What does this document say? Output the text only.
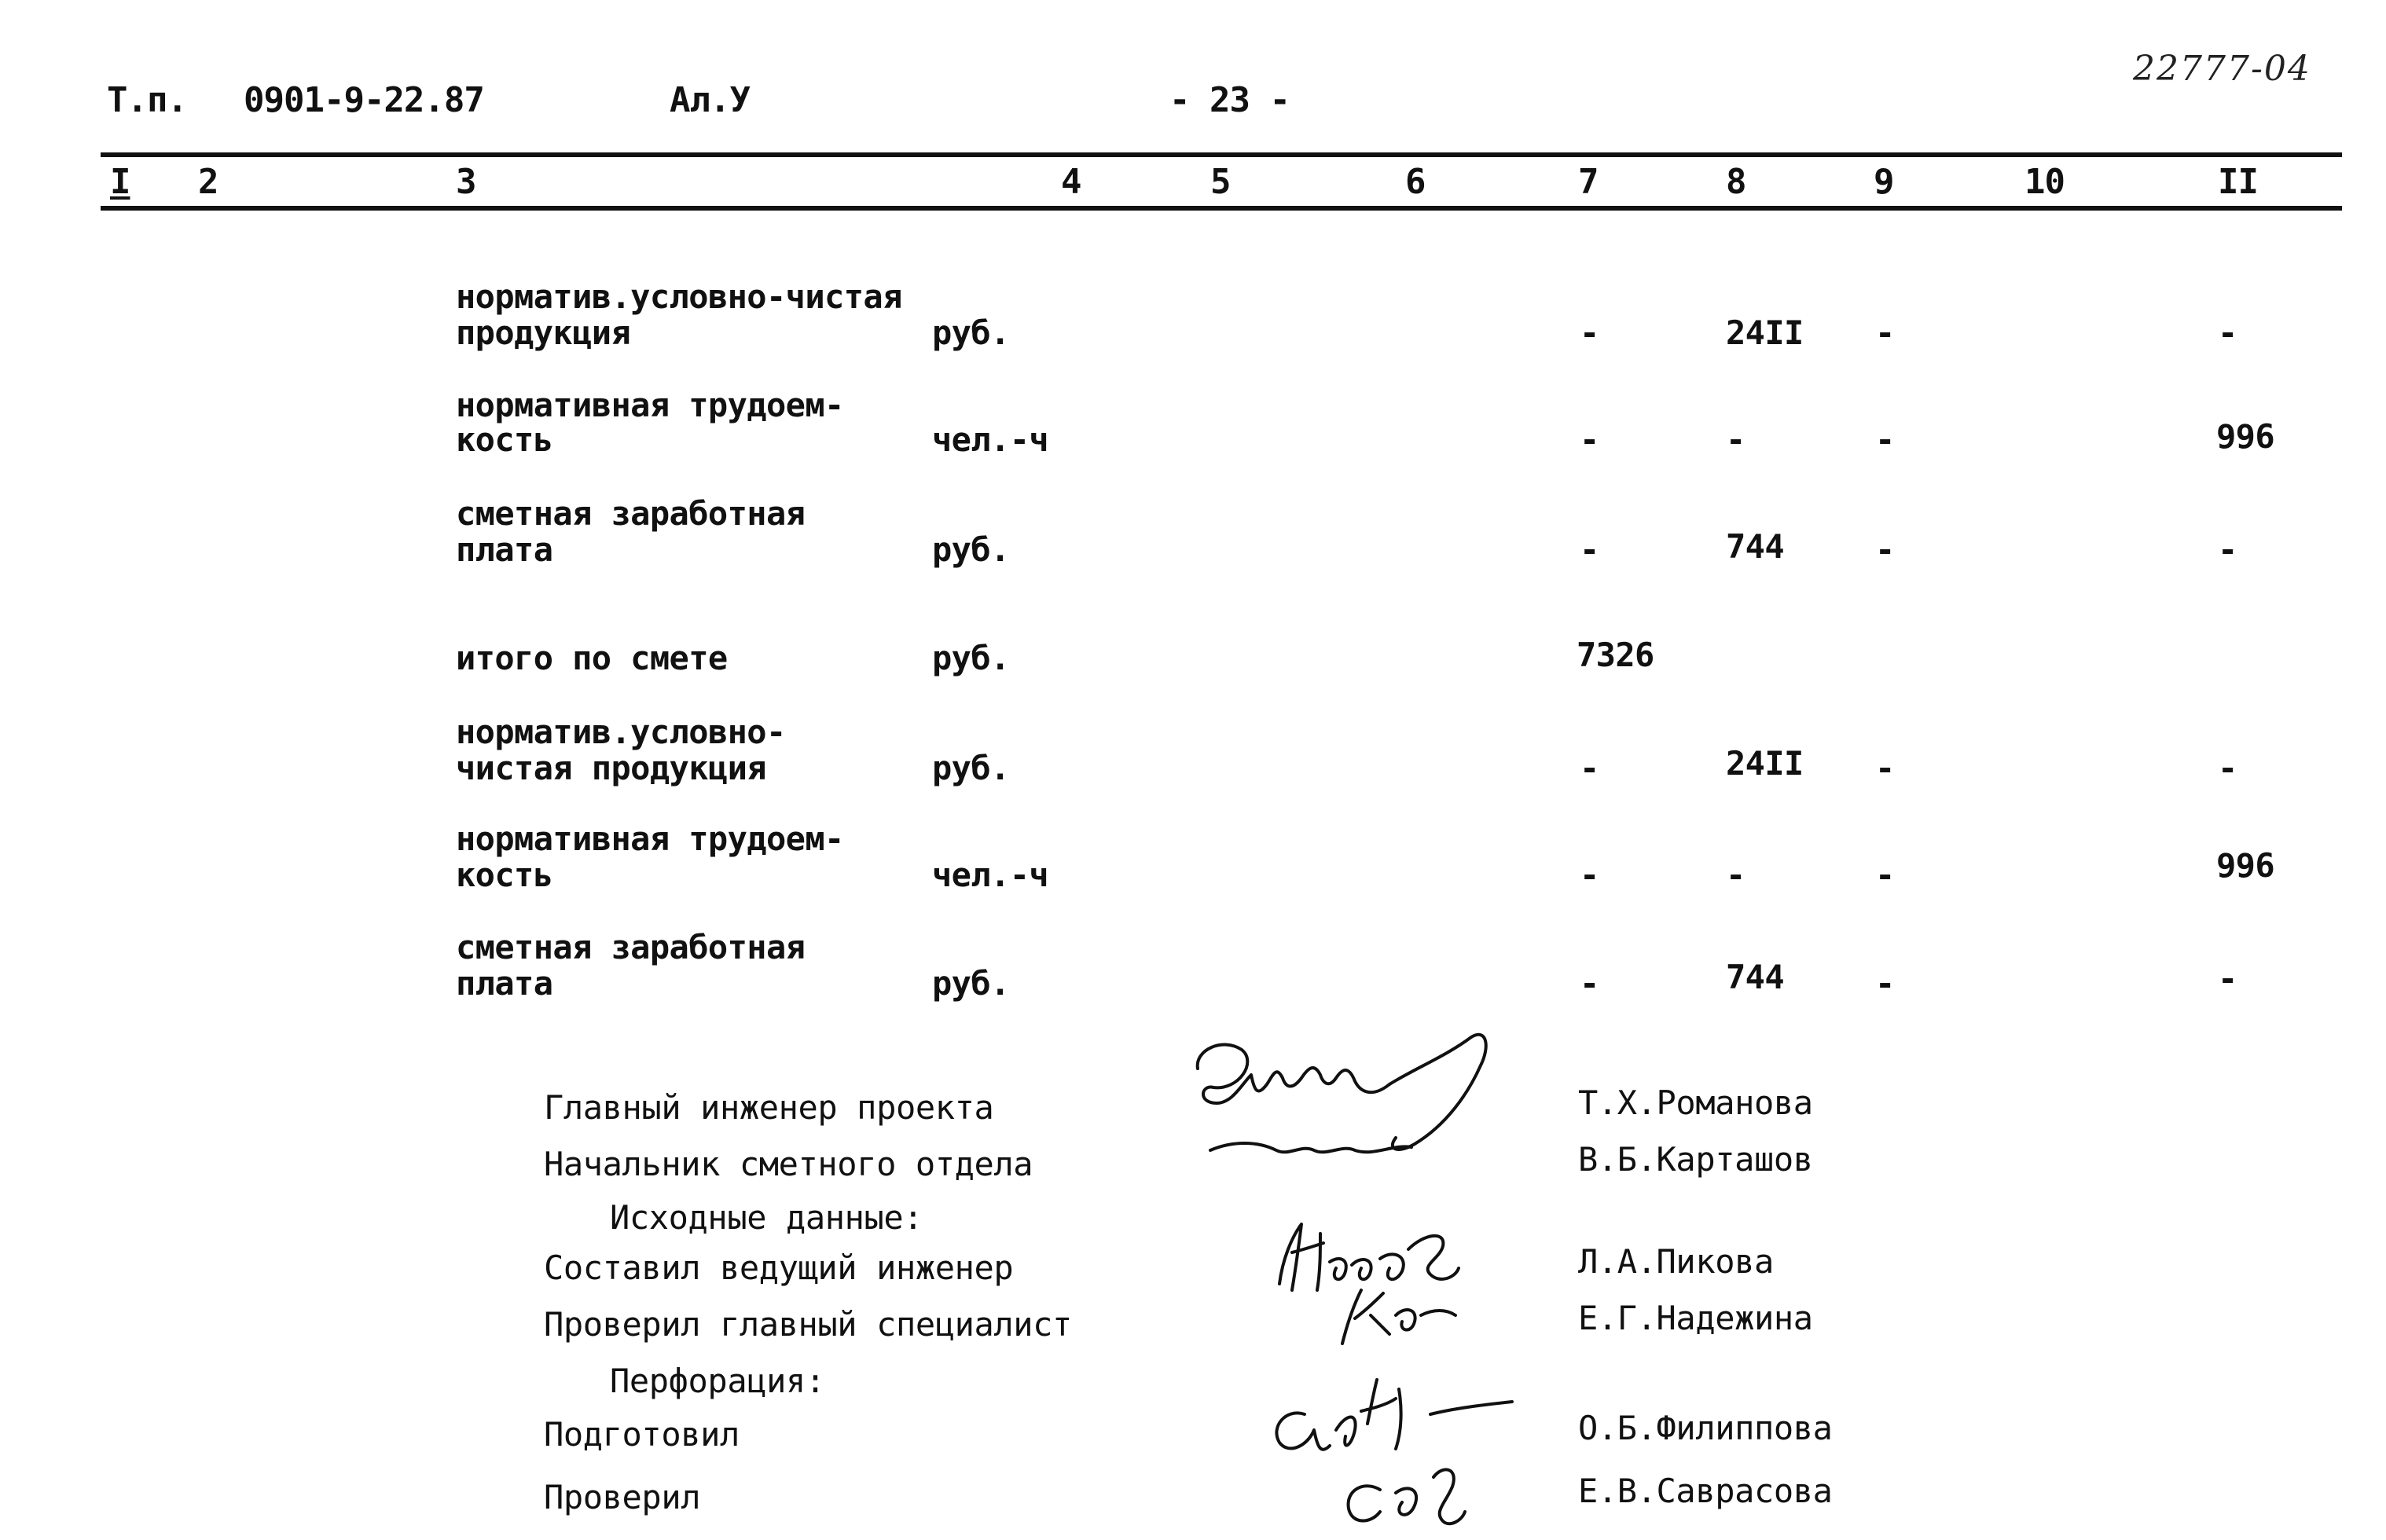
Т.п.	0901-9-22.87	Ал.У	- 23 -
22777-04
I	2	3	4	5	6	7	8	9	10	II
норматив.условно-чистая
продукция	руб.	-	24II	-	-
нормативная трудоем-
кость	чел.-ч	-	-	-	996
сметная заработная
плата	руб.	-	744	-	-
итого по смете	руб.	7326
норматив.условно-
чистая продукция	руб.	-	24II	-	-
нормативная трудоем-
кость	чел.-ч	-	-	-	996
сметная заработная
плата	руб.	-	744	-	-
Главный инженер проекта	Т.Х.Романова
Начальник сметного отдела	В.Б.Карташов
Исходные данные:
Составил ведущий инженер	Л.А.Пикова
Проверил главный специалист	Е.Г.Надежина
Перфорация:
Подготовил	О.Б.Филиппова
Проверил	Е.В.Саврасова
